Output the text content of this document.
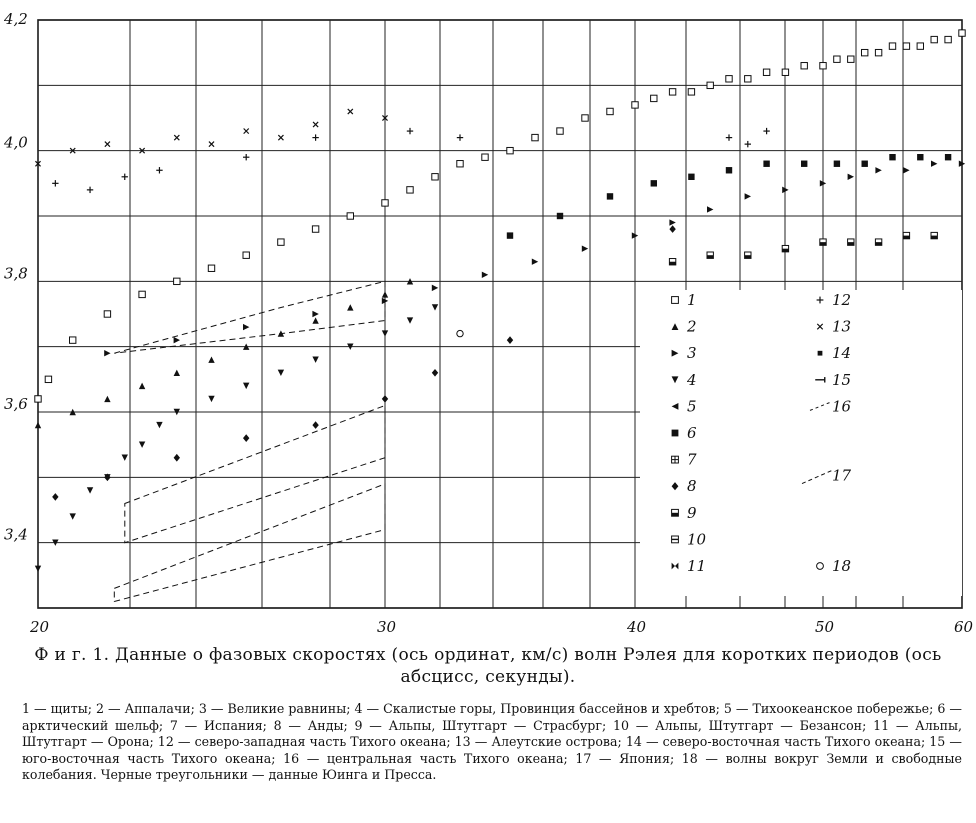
1
2
3
4
5
6
7
8
9
10
11
12
13
14
15
16
17
18
3,4
3,6
3,8
4,0
4,2
20	30	40	50	60
Ф и г. 1. Данные о фазовых скоростях (ось ординат, км/с) волн Рэлея для коротких периодов (ось абсцисс, секунды).
1 — щиты; 2 — Аппалачи; 3 — Великие равнины; 4 — Скалистые горы, Провинция бассейнов и хребтов; 5 — Тихоокеанское побережье; 6 — арктический шельф; 7 — Испания; 8 — Анды; 9 — Альпы, Штутгарт — Страсбург; 10 — Альпы, Штутгарт — Безансон; 11 — Альпы, Штутгарт — Орона; 12 — северо-западная часть Тихого океана; 13 — Алеутские острова; 14 — северо-восточная часть Тихого океана; 15 — юго-восточная часть Тихого океана; 16 — центральная часть Тихого океана; 17 — Япония; 18 — волны вокруг Земли и свободные колебания. Черные треугольники — данные Юинга и Пресса.
